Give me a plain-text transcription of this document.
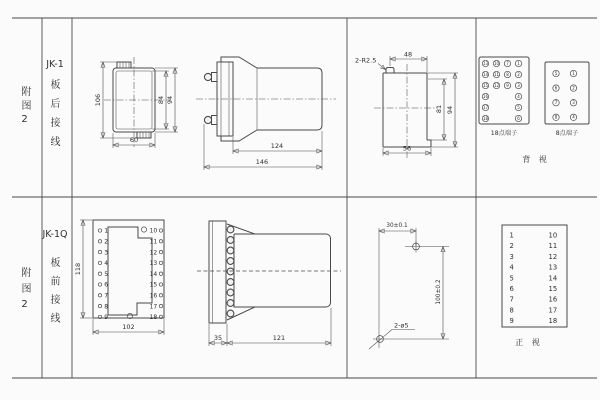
附图2
JK-1
板后接线
附图2
JK-1Q
板前接线
106	84 94
60
124
146
2-R2.5
48
81 94
56
13
14
15
16
17
18
10
11
12
7
8
9
1
2
3
4
5
6
18点端子
5
6
7
8
1
2
3
4
8点端子
背 视
1
2
3
4
5
6
7
8
9
10
11
12
13
14
15
16
17
18
118
102
35	121
30±0.1
100±0.2
2-ø5
1
2
3
4
5
6
7
8
9
10
11
12
13
14
15
16
17
18
正 视
